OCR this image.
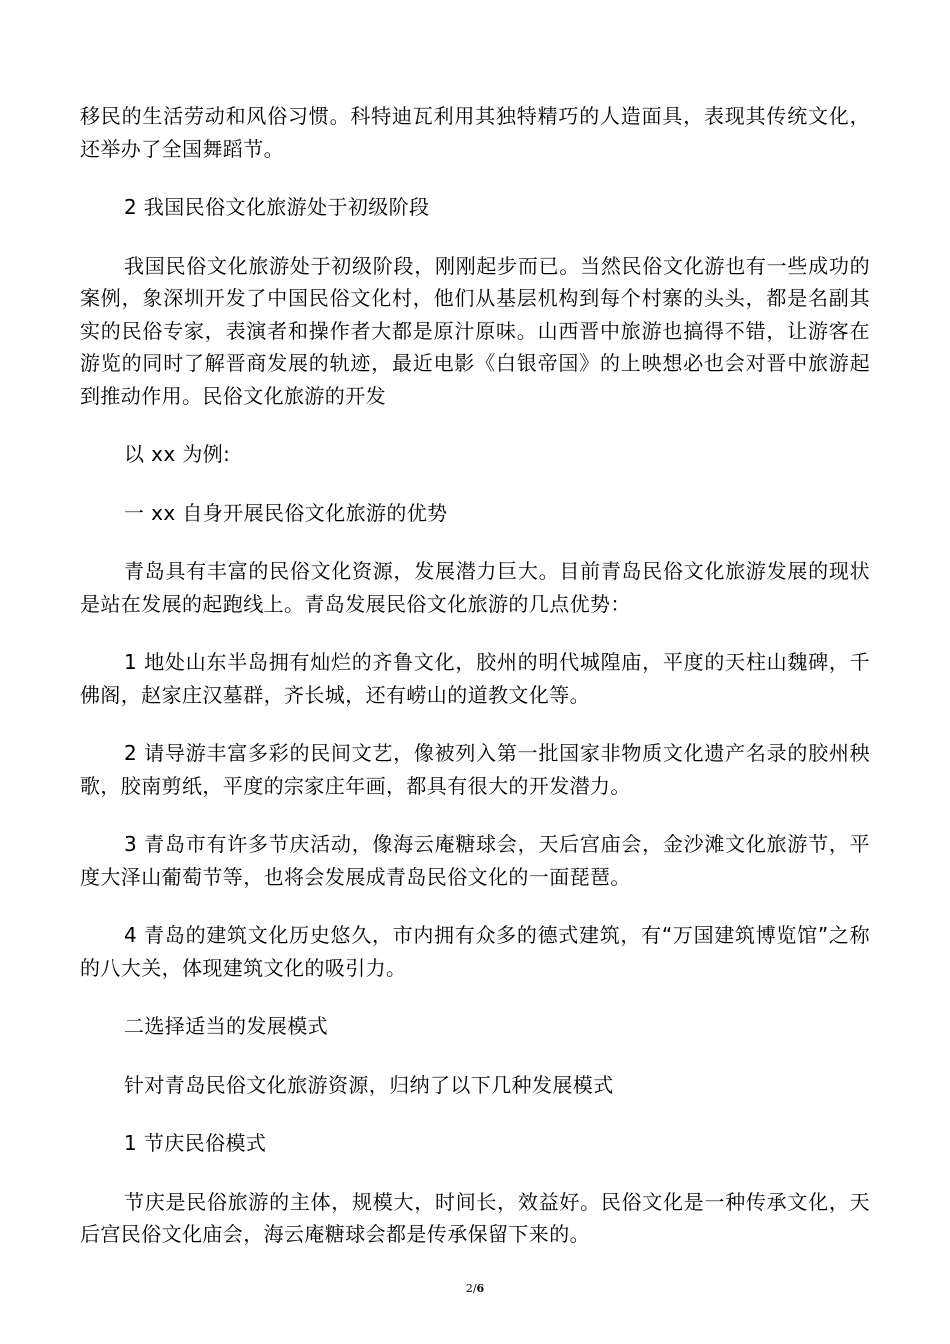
移民的生活劳动和风俗习惯。科特迪瓦利用其独特精巧的人造面具，表现其传统文化，还举办了全国舞蹈节。

2 我国民俗文化旅游处于初级阶段

我国民俗文化旅游处于初级阶段，刚刚起步而已。当然民俗文化游也有一些成功的案例，象深圳开发了中国民俗文化村，他们从基层机构到每个村寨的头头，都是名副其实的民俗专家，表演者和操作者大都是原汁原味。山西晋中旅游也搞得不错，让游客在游览的同时了解晋商发展的轨迹，最近电影《白银帝国》的上映想必也会对晋中旅游起到推动作用。民俗文化旅游的开发

以 xx 为例:

一 xx 自身开展民俗文化旅游的优势

青岛具有丰富的民俗文化资源，发展潜力巨大。目前青岛民俗文化旅游发展的现状是站在发展的起跑线上。青岛发展民俗文化旅游的几点优势：

1 地处山东半岛拥有灿烂的齐鲁文化，胶州的明代城隍庙，平度的天柱山魏碑，千佛阁，赵家庄汉墓群，齐长城，还有崂山的道教文化等。

2 请导游丰富多彩的民间文艺，像被列入第一批国家非物质文化遗产名录的胶州秧歌，胶南剪纸，平度的宗家庄年画，都具有很大的开发潜力。

3 青岛市有许多节庆活动，像海云庵糖球会，天后宫庙会，金沙滩文化旅游节，平度大泽山葡萄节等，也将会发展成青岛民俗文化的一面琵琶。

4 青岛的建筑文化历史悠久，市内拥有众多的德式建筑，有“万国建筑博览馆”之称的八大关，体现建筑文化的吸引力。

二选择适当的发展模式

针对青岛民俗文化旅游资源，归纳了以下几种发展模式

1 节庆民俗模式

节庆是民俗旅游的主体，规模大，时间长，效益好。民俗文化是一种传承文化，天后宫民俗文化庙会，海云庵糖球会都是传承保留下来的。

2/6
